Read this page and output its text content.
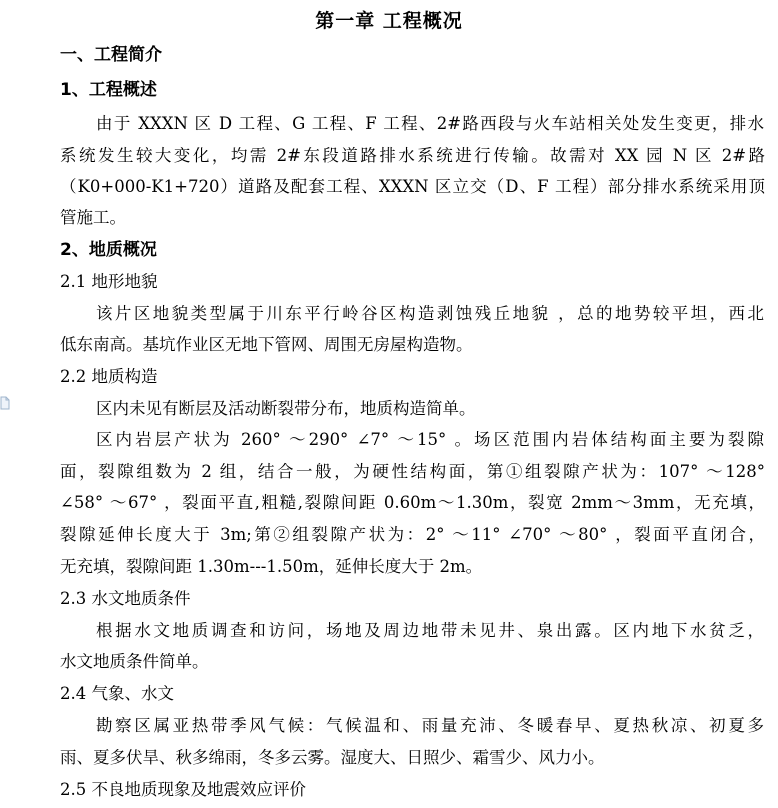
第一章 工程概况
一、工程简介
1、工程概述
由于 XXXN 区 D 工程、G 工程、F 工程、2#路西段与火车站相关处发生变更，排水
系统发生较大变化，均需 2#东段道路排水系统进行传输。故需对 XX 园 N 区 2#路
（K0+000-K1+720）道路及配套工程、XXXN 区立交（D、F 工程）部分排水系统采用顶
管施工。
2、地质概况
2.1 地形地貌
该片区地貌类型属于川东平行岭谷区构造剥蚀残丘地貌 ，总的地势较平坦，西北
低东南高。基坑作业区无地下管网、周围无房屋构造物。
2.2 地质构造
区内未见有断层及活动断裂带分布，地质构造简单。
区内岩层产状为 260° ～290° ∠7° ～15° 。场区范围内岩体结构面主要为裂隙
面，裂隙组数为 2 组，结合一般，为硬性结构面，第①组裂隙产状为：107° ～128°
∠58° ～67° ，裂面平直,粗糙,裂隙间距 0.60m～1.30m，裂宽 2mm～3mm，无充填，
裂隙延伸长度大于 3m;第②组裂隙产状为：2° ～11° ∠70° ～80° ，裂面平直闭合，
无充填，裂隙间距 1.30m---1.50m，延伸长度大于 2m。
2.3 水文地质条件
根据水文地质调查和访问，场地及周边地带未见井、泉出露。区内地下水贫乏，
水文地质条件简单。
2.4 气象、水文
勘察区属亚热带季风气候：气候温和、雨量充沛、冬暖春早、夏热秋凉、初夏多
雨、夏多伏旱、秋多绵雨，冬多云雾。湿度大、日照少、霜雪少、风力小。
2.5 不良地质现象及地震效应评价
